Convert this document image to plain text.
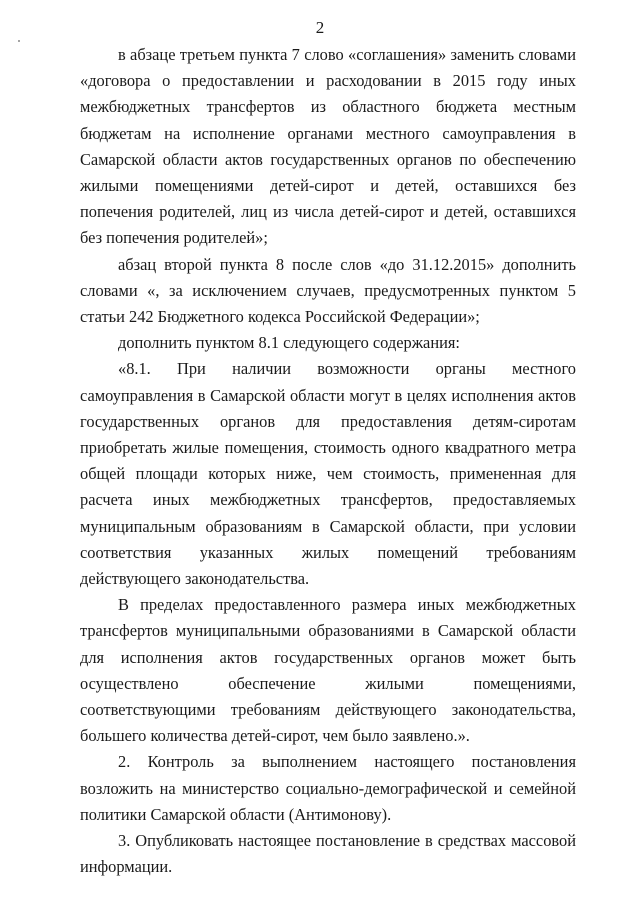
2

в абзаце третьем пункта 7 слово «соглашения» заменить словами «договора о предоставлении и расходовании в 2015 году иных межбюджетных трансфертов из областного бюджета местным бюджетам на исполнение органами местного самоуправления в Самарской области актов государственных органов по обеспечению жилыми помещениями детей-сирот и детей, оставшихся без попечения родителей, лиц из числа детей-сирот и детей, оставшихся без попечения родителей»;

абзац второй пункта 8 после слов «до 31.12.2015» дополнить словами «, за исключением случаев, предусмотренных пунктом 5 статьи 242 Бюджетного кодекса Российской Федерации»;

дополнить пунктом 8.1 следующего содержания:

«8.1. При наличии возможности органы местного самоуправления в Самарской области могут в целях исполнения актов государственных органов для предоставления детям-сиротам приобретать жилые помещения, стоимость одного квадратного метра общей площади которых ниже, чем стоимость, примененная для расчета иных межбюджетных трансфертов, предоставляемых муниципальным образованиям в Самарской области, при условии соответствия указанных жилых помещений требованиям действующего законодательства.

В пределах предоставленного размера иных межбюджетных трансфертов муниципальными образованиями в Самарской области для исполнения актов государственных органов может быть осуществлено обеспечение жилыми помещениями, соответствующими требованиям действующего законодательства, большего количества детей-сирот, чем было заявлено.».

2. Контроль за выполнением настоящего постановления возложить на министерство социально-демографической и семейной политики Самарской области (Антимонову).

3. Опубликовать настоящее постановление в средствах массовой информации.
